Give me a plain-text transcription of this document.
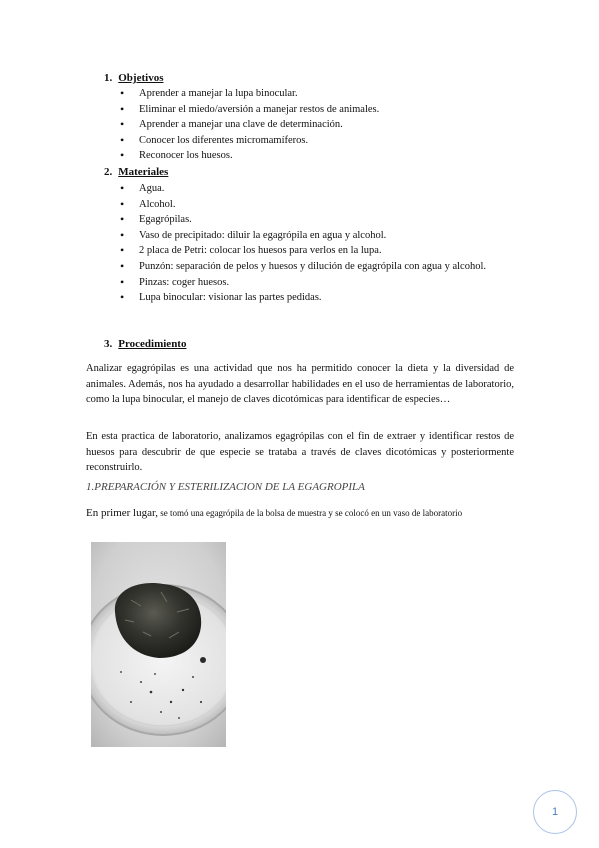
1. Objetivos
• Aprender a manejar la lupa binocular.
• Eliminar el miedo/aversión a manejar restos de animales.
• Aprender a manejar una clave de determinación.
• Conocer los diferentes micromamíferos.
• Reconocer los huesos.
2. Materiales
• Agua.
• Alcohol.
• Egagrópilas.
• Vaso de precipitado: diluir la egagrópila en agua y alcohol.
• 2 placa de Petri: colocar los huesos para verlos en la lupa.
• Punzón: separación de pelos y huesos y dilución de egagrópila con agua y alcohol.
• Pinzas: coger huesos.
• Lupa binocular: visionar las partes pedidas.
3. Procedimiento

Analizar egagrópilas es una actividad que nos ha permitido conocer la dieta y la diversidad de animales. Además, nos ha ayudado a desarrollar habilidades en el uso de herramientas de laboratorio, como la lupa binocular, el manejo de claves dicotómicas para identificar de especies…

En esta practica de laboratorio, analizamos egagrópilas con el fin de extraer y identificar restos de huesos para descubrir de que especie se trataba a través de claves dicotómicas y posteriormente reconstruirlo.

1.PREPARACIÓN Y ESTERILIZACION DE LA EGAGROPILA

En primer lugar, se tomó una egagrópila de la bolsa de muestra y se colocó en un vaso de laboratorio

1
